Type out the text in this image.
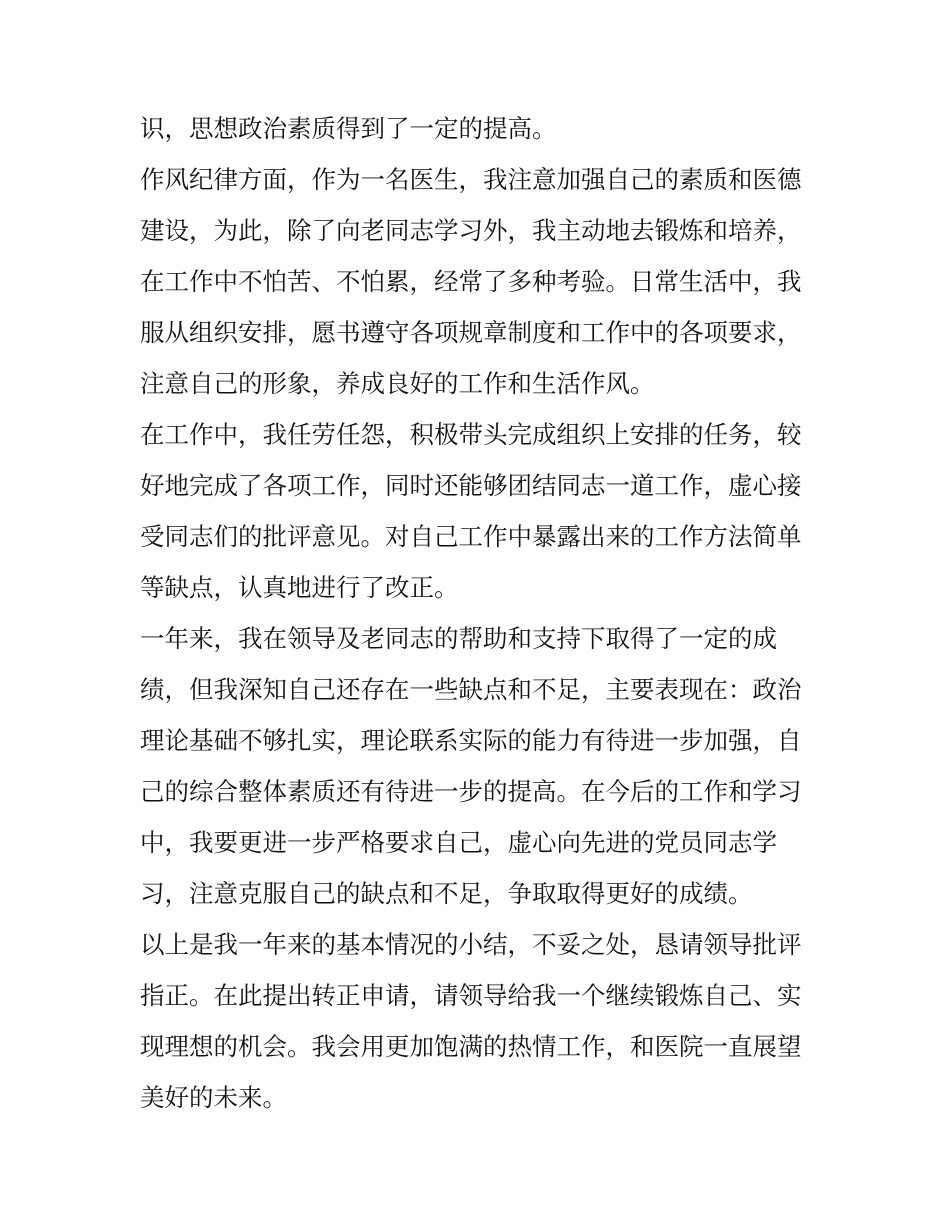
识，思想政治素质得到了一定的提高。
作风纪律方面，作为一名医生，我注意加强自己的素质和医德
建设，为此，除了向老同志学习外，我主动地去锻炼和培养，
在工作中不怕苦、不怕累，经常了多种考验。日常生活中，我
服从组织安排，愿书遵守各项规章制度和工作中的各项要求，
注意自己的形象，养成良好的工作和生活作风。
在工作中，我任劳任怨，积极带头完成组织上安排的任务，较
好地完成了各项工作，同时还能够团结同志一道工作，虚心接
受同志们的批评意见。对自己工作中暴露出来的工作方法简单
等缺点，认真地进行了改正。
一年来，我在领导及老同志的帮助和支持下取得了一定的成
绩，但我深知自己还存在一些缺点和不足，主要表现在：政治
理论基础不够扎实，理论联系实际的能力有待进一步加强，自
己的综合整体素质还有待进一步的提高。在今后的工作和学习
中，我要更进一步严格要求自己，虚心向先进的党员同志学
习，注意克服自己的缺点和不足，争取取得更好的成绩。
以上是我一年来的基本情况的小结，不妥之处，恳请领导批评
指正。在此提出转正申请，请领导给我一个继续锻炼自己、实
现理想的机会。我会用更加饱满的热情工作，和医院一直展望
美好的未来。
